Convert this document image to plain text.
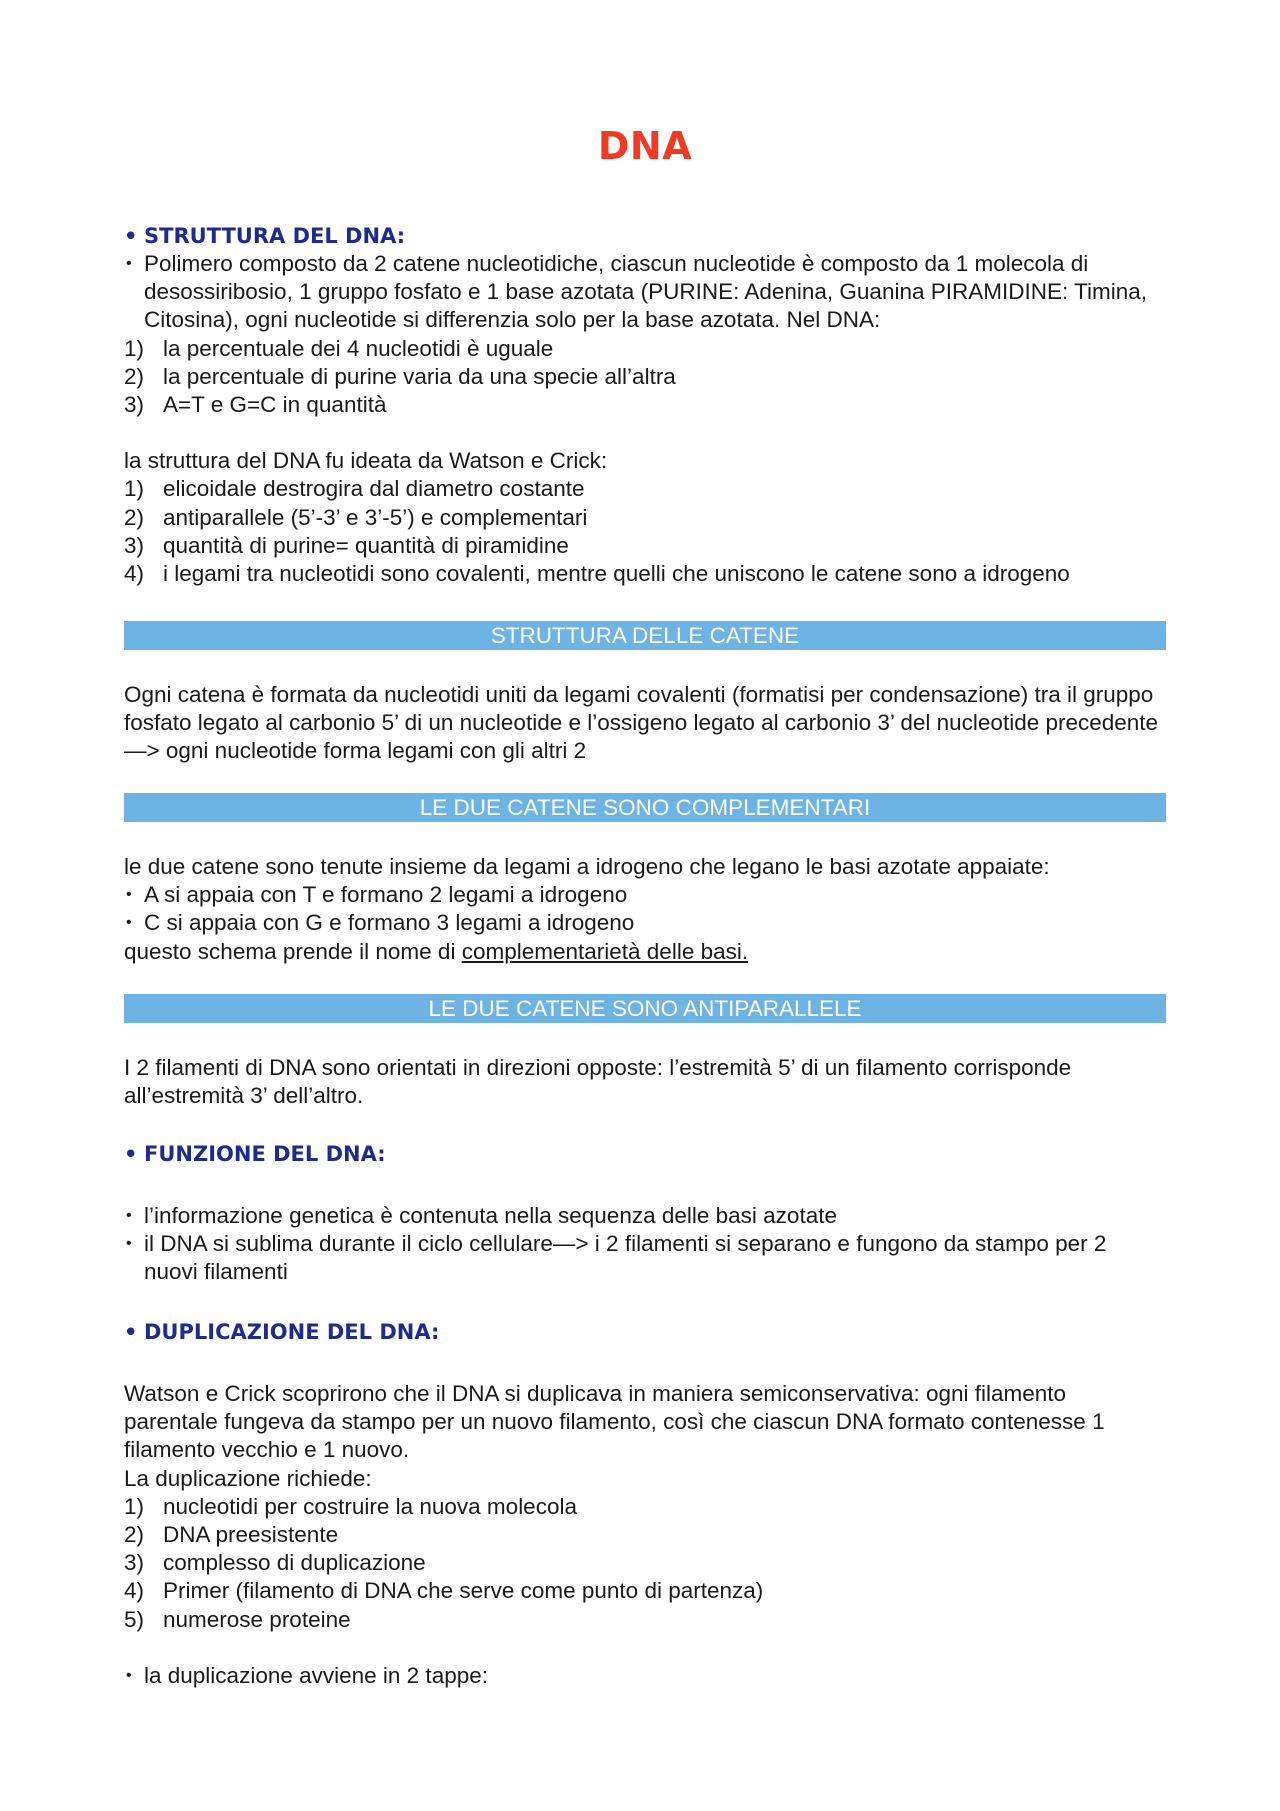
DNA
• STRUTTURA DEL DNA:
• Polimero composto da 2 catene nucleotidiche, ciascun nucleotide è composto da 1 molecola di desossiribosio, 1 gruppo fosfato e 1 base azotata (PURINE: Adenina, Guanina PIRAMIDINE: Timina, Citosina), ogni nucleotide si differenzia solo per la base azotata. Nel DNA:
1) la percentuale dei 4 nucleotidi è uguale
2) la percentuale di purine varia da una specie all’altra
3) A=T e G=C in quantità
la struttura del DNA fu ideata da Watson e Crick:
1) elicoidale destrogira dal diametro costante
2) antiparallele (5’-3’ e 3’-5’) e complementari
3) quantità di purine= quantità di piramidine
4) i legami tra nucleotidi sono covalenti, mentre quelli che uniscono le catene sono a idrogeno
STRUTTURA DELLE CATENE
Ogni catena è formata da nucleotidi uniti da legami covalenti (formatisi per condensazione) tra il gruppo fosfato legato al carbonio 5’ di un nucleotide e l’ossigeno legato al carbonio 3’ del nucleotide precedente—> ogni nucleotide forma legami con gli altri 2
LE DUE CATENE SONO COMPLEMENTARI
le due catene sono tenute insieme da legami a idrogeno che legano le basi azotate appaiate:
• A si appaia con T e formano 2 legami a idrogeno
• C si appaia con G e formano 3 legami a idrogeno
questo schema prende il nome di complementarietà delle basi.
LE DUE CATENE SONO ANTIPARALLELE
I 2 filamenti di DNA sono orientati in direzioni opposte: l’estremità 5’ di un filamento corrisponde all’estremità 3’ dell’altro.
• FUNZIONE DEL DNA:
• l’informazione genetica è contenuta nella sequenza delle basi azotate
• il DNA si sublima durante il ciclo cellulare—> i 2 filamenti si separano e fungono da stampo per 2 nuovi filamenti
• DUPLICAZIONE DEL DNA:
Watson e Crick scoprirono che il DNA si duplicava in maniera semiconservativa: ogni filamento parentale fungeva da stampo per un nuovo filamento, così che ciascun DNA formato contenesse 1 filamento vecchio e 1 nuovo.
La duplicazione richiede:
1) nucleotidi per costruire la nuova molecola
2) DNA preesistente
3) complesso di duplicazione
4) Primer (filamento di DNA che serve come punto di partenza)
5) numerose proteine
• la duplicazione avviene in 2 tappe:
